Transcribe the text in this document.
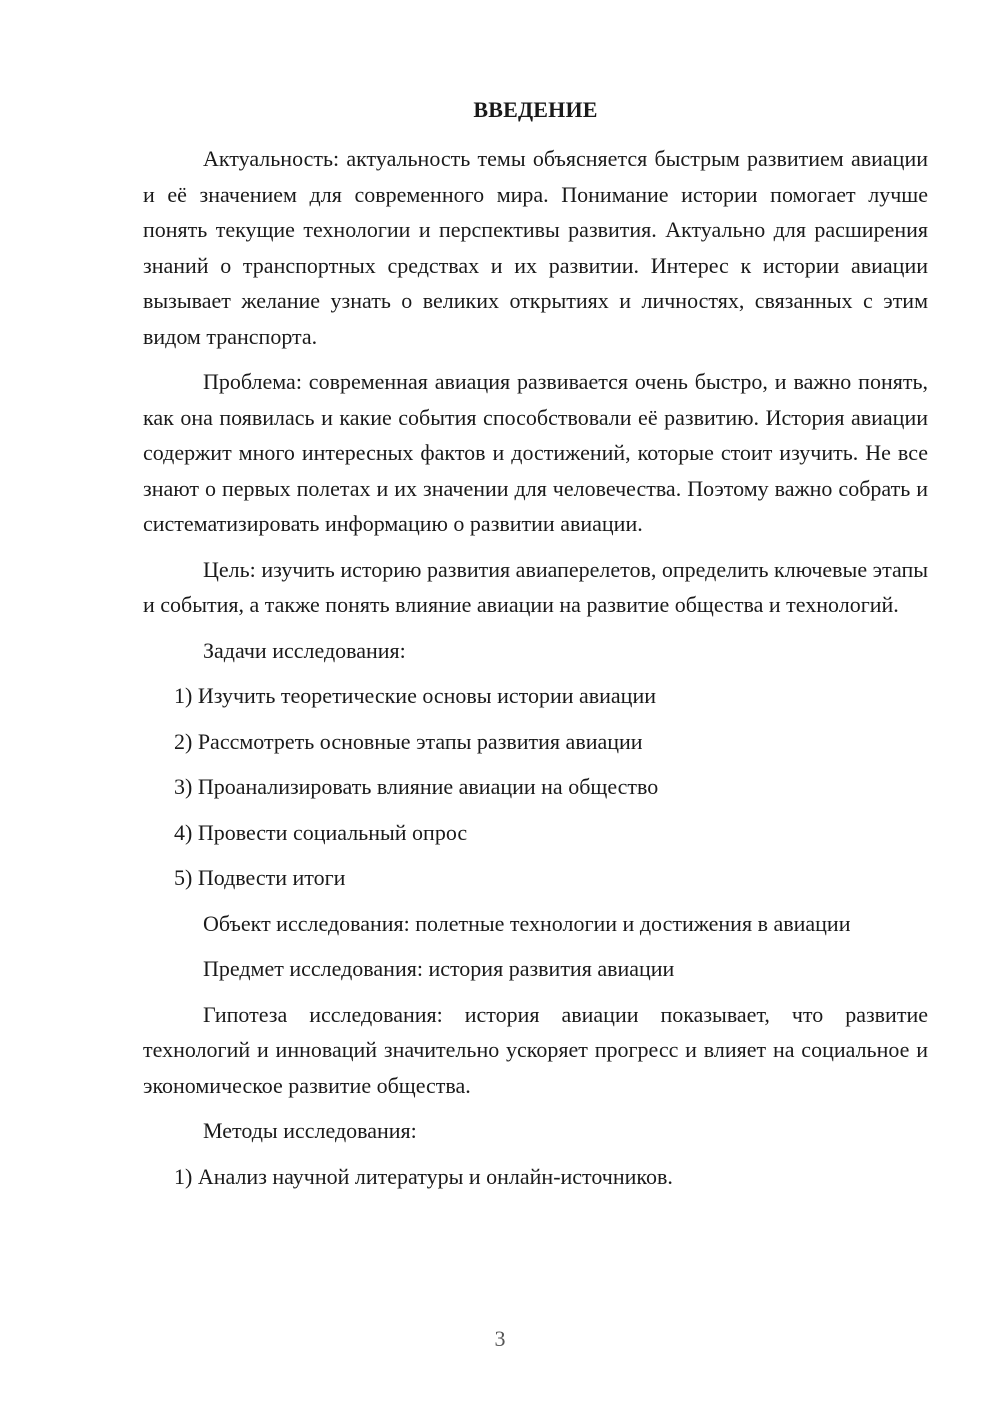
ВВЕДЕНИЕ

Актуальность: актуальность темы объясняется быстрым развитием авиации и её значением для современного мира. Понимание истории помогает лучше понять текущие технологии и перспективы развития. Актуально для расширения знаний о транспортных средствах и их развитии. Интерес к истории авиации вызывает желание узнать о великих открытиях и личностях, связанных с этим видом транспорта.

Проблема: современная авиация развивается очень быстро, и важно понять, как она появилась и какие события способствовали её развитию. История авиации содержит много интересных фактов и достижений, которые стоит изучить. Не все знают о первых полетах и их значении для человечества. Поэтому важно собрать и систематизировать информацию о развитии авиации.

Цель: изучить историю развития авиаперелетов, определить ключевые этапы и события, а также понять влияние авиации на развитие общества и технологий.

Задачи исследования:
1) Изучить теоретические основы истории авиации
2) Рассмотреть основные этапы развития авиации
3) Проанализировать влияние авиации на общество
4) Провести социальный опрос
5) Подвести итоги

Объект исследования: полетные технологии и достижения в авиации

Предмет исследования: история развития авиации

Гипотеза исследования: история авиации показывает, что развитие технологий и инноваций значительно ускоряет прогресс и влияет на социальное и экономическое развитие общества.

Методы исследования:
1) Анализ научной литературы и онлайн-источников.
3
